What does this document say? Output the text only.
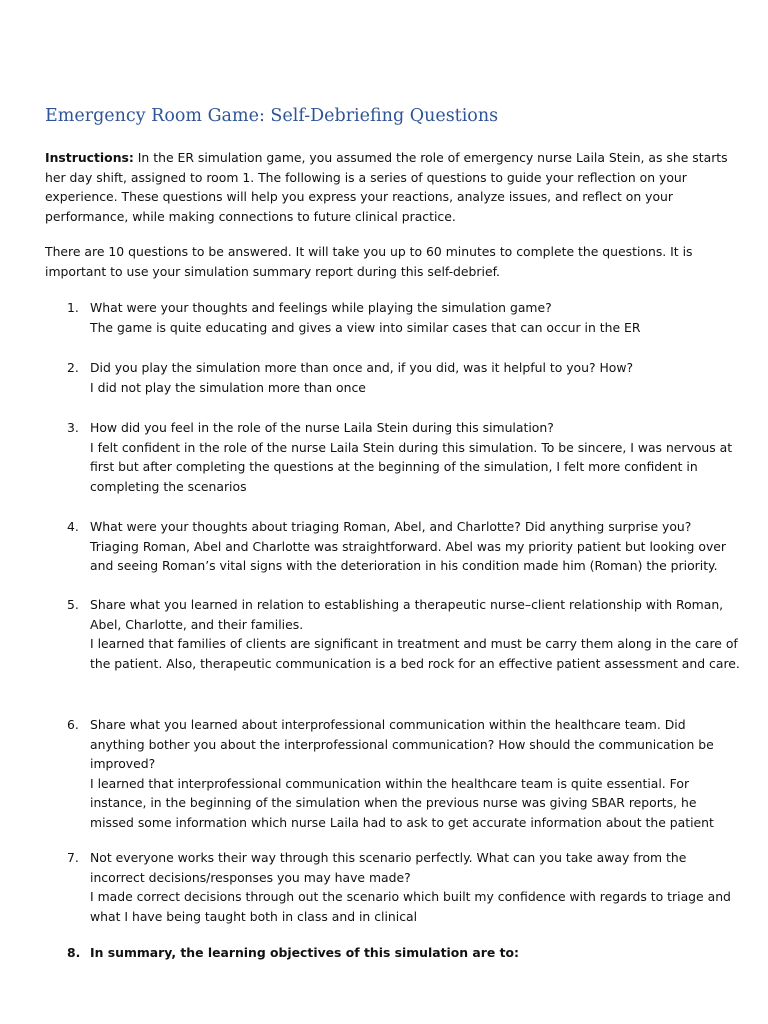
Emergency Room Game: Self-Debriefing Questions
Instructions: In the ER simulation game, you assumed the role of emergency nurse Laila Stein, as she starts her day shift, assigned to room 1. The following is a series of questions to guide your reflection on your experience. These questions will help you express your reactions, analyze issues, and reflect on your performance, while making connections to future clinical practice.
There are 10 questions to be answered. It will take you up to 60 minutes to complete the questions. It is important to use your simulation summary report during this self-debrief.
1. What were your thoughts and feelings while playing the simulation game?
The game is quite educating and gives a view into similar cases that can occur in the ER
2. Did you play the simulation more than once and, if you did, was it helpful to you? How?
I did not play the simulation more than once
3. How did you feel in the role of the nurse Laila Stein during this simulation?
I felt confident in the role of the nurse Laila Stein during this simulation. To be sincere, I was nervous at first but after completing the questions at the beginning of the simulation, I felt more confident in completing the scenarios
4. What were your thoughts about triaging Roman, Abel, and Charlotte? Did anything surprise you?
Triaging Roman, Abel and Charlotte was straightforward. Abel was my priority patient but looking over and seeing Roman’s vital signs with the deterioration in his condition made him (Roman) the priority.
5. Share what you learned in relation to establishing a therapeutic nurse–client relationship with Roman, Abel, Charlotte, and their families.
I learned that families of clients are significant in treatment and must be carry them along in the care of the patient. Also, therapeutic communication is a bed rock for an effective patient assessment and care.
6. Share what you learned about interprofessional communication within the healthcare team. Did anything bother you about the interprofessional communication? How should the communication be improved?
I learned that interprofessional communication within the healthcare team is quite essential. For instance, in the beginning of the simulation when the previous nurse was giving SBAR reports, he missed some information which nurse Laila had to ask to get accurate information about the patient
7. Not everyone works their way through this scenario perfectly. What can you take away from the incorrect decisions/responses you may have made?
I made correct decisions through out the scenario which built my confidence with regards to triage and what I have being taught both in class and in clinical
8. In summary, the learning objectives of this simulation are to:
